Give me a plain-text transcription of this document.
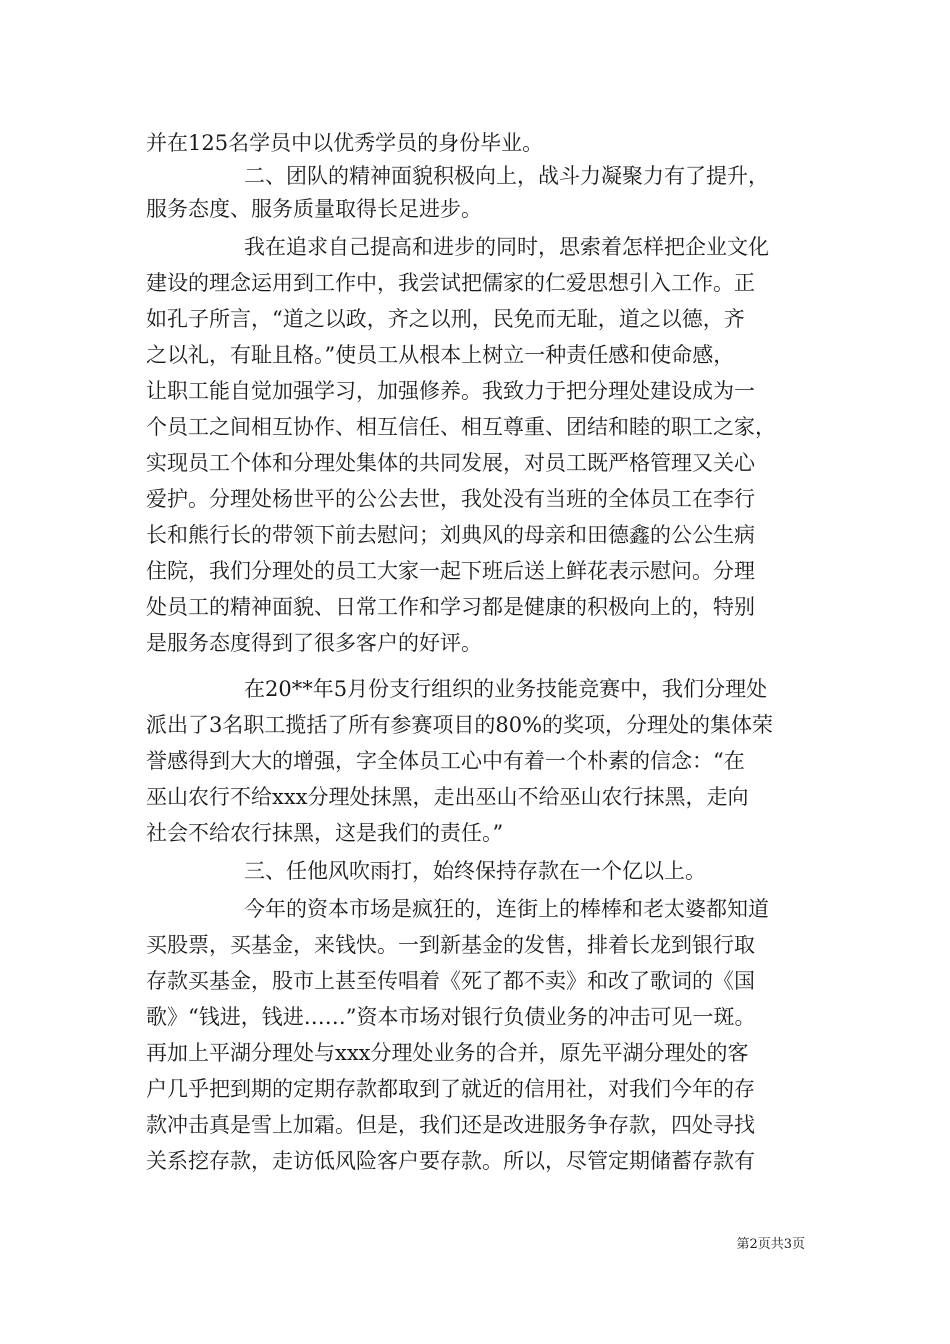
并在125名学员中以优秀学员的身份毕业。
二、团队的精神面貌积极向上，战斗力凝聚力有了提升，
服务态度、服务质量取得长足进步。
我在追求自己提高和进步的同时，思索着怎样把企业文化
建设的理念运用到工作中，我尝试把儒家的仁爱思想引入工作。正
如孔子所言，“道之以政，齐之以刑，民免而无耻，道之以德，齐
之以礼，有耻且格。”使员工从根本上树立一种责任感和使命感，
让职工能自觉加强学习，加强修养。我致力于把分理处建设成为一
个员工之间相互协作、相互信任、相互尊重、团结和睦的职工之家，
实现员工个体和分理处集体的共同发展，对员工既严格管理又关心
爱护。分理处杨世平的公公去世，我处没有当班的全体员工在李行
长和熊行长的带领下前去慰问；刘典风的母亲和田德鑫的公公生病
住院，我们分理处的员工大家一起下班后送上鲜花表示慰问。分理
处员工的精神面貌、日常工作和学习都是健康的积极向上的，特别
是服务态度得到了很多客户的好评。
在20**年5月份支行组织的业务技能竞赛中，我们分理处
派出了3名职工揽括了所有参赛项目的80%的奖项，分理处的集体荣
誉感得到大大的增强，字全体员工心中有着一个朴素的信念：“在
巫山农行不给xxx分理处抹黑，走出巫山不给巫山农行抹黑，走向
社会不给农行抹黑，这是我们的责任。”
三、任他风吹雨打，始终保持存款在一个亿以上。
今年的资本市场是疯狂的，连街上的棒棒和老太婆都知道
买股票，买基金，来钱快。一到新基金的发售，排着长龙到银行取
存款买基金，股市上甚至传唱着《死了都不卖》和改了歌词的《国
歌》“钱进，钱进……”资本市场对银行负债业务的冲击可见一斑。
再加上平湖分理处与xxx分理处业务的合并，原先平湖分理处的客
户几乎把到期的定期存款都取到了就近的信用社，对我们今年的存
款冲击真是雪上加霜。但是，我们还是改进服务争存款，四处寻找
关系挖存款，走访低风险客户要存款。所以，尽管定期储蓄存款有
第2页共3页
